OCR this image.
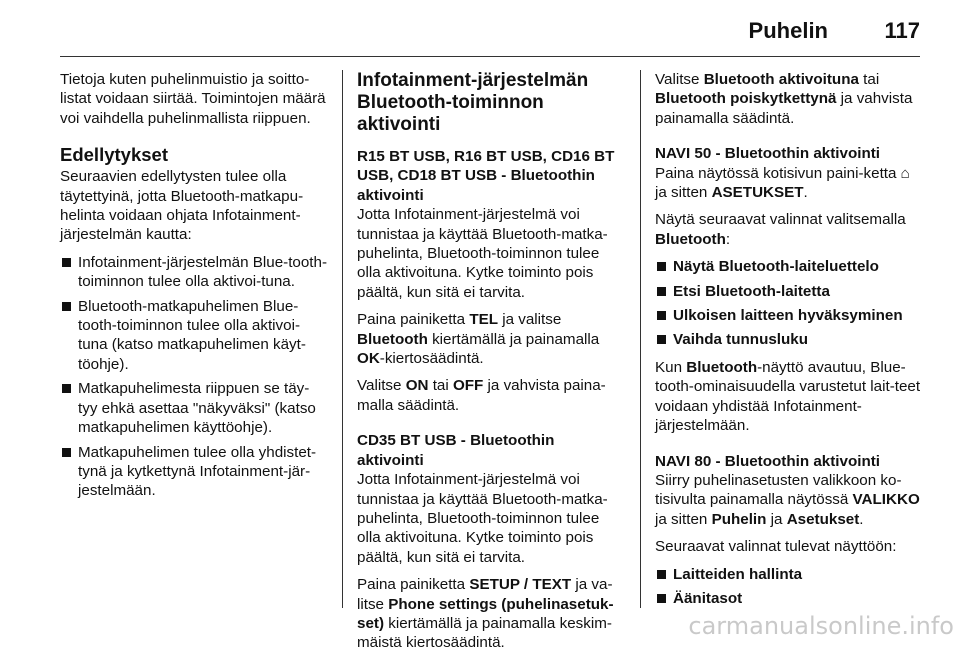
Puhelin	117

Tietoja kuten puhelinmuistio ja soitto-listat voidaan siirtää. Toimintojen määrä voi vaihdella puhelinmallista riippuen.

Edellytykset

Seuraavien edellytysten tulee olla täytettyinä, jotta Bluetooth-matkapu-helinta voidaan ohjata Infotainment-järjestelmän kautta:

Infotainment-järjestelmän Blue-tooth-toiminnon tulee olla aktivoi-tuna.
Bluetooth-matkapuhelimen Blue-tooth-toiminnon tulee olla aktivoi-tuna (katso matkapuhelimen käyt-töohje).
Matkapuhelimesta riippuen se täy-tyy ehkä asettaa "näkyväksi" (katso matkapuhelimen käyttöohje).
Matkapuhelimen tulee olla yhdistet-tynä ja kytkettynä Infotainment-jär-jestelmään.
Infotainment-järjestelmän Bluetooth-toiminnon aktivointi

R15 BT USB, R16 BT USB, CD16 BT USB, CD18 BT USB - Bluetoothin aktivointi

Jotta Infotainment-järjestelmä voi tunnistaa ja käyttää Bluetooth-matka-puhelinta, Bluetooth-toiminnon tulee olla aktivoituna. Kytke toiminto pois päältä, kun sitä ei tarvita.

Paina painiketta TEL ja valitse Bluetooth kiertämällä ja painamalla OK-kiertosäädintä.

Valitse ON tai OFF ja vahvista paina-malla säädintä.

CD35 BT USB - Bluetoothin aktivointi

Jotta Infotainment-järjestelmä voi tunnistaa ja käyttää Bluetooth-matka-puhelinta, Bluetooth-toiminnon tulee olla aktivoituna. Kytke toiminto pois päältä, kun sitä ei tarvita.

Paina painiketta SETUP / TEXT ja va-litse Phone settings (puhelinasetuk-set) kiertämällä ja painamalla keskim-mäistä kiertosäädintä.

Valitse Bluetooth aktivoituna tai Bluetooth poiskytkettynä ja vahvista painamalla säädintä.

NAVI 50 - Bluetoothin aktivointi

Paina näytössä kotisivun paini-ketta ⌂ ja sitten ASETUKSET.

Näytä seuraavat valinnat valitsemalla Bluetooth:

Näytä Bluetooth-laiteluettelo
Etsi Bluetooth-laitetta
Ulkoisen laitteen hyväksyminen
Vaihda tunnusluku

Kun Bluetooth-näyttö avautuu, Blue-tooth-ominaisuudella varustetut lait-teet voidaan yhdistää Infotainment-järjestelmään.

NAVI 80 - Bluetoothin aktivointi

Siirry puhelinasetusten valikkoon ko-tisivulta painamalla näytössä VALIKKO ja sitten Puhelin ja Asetukset.

Seuraavat valinnat tulevat näyttöön:

Laitteiden hallinta
Äänitasot
carmanualsonline.info
